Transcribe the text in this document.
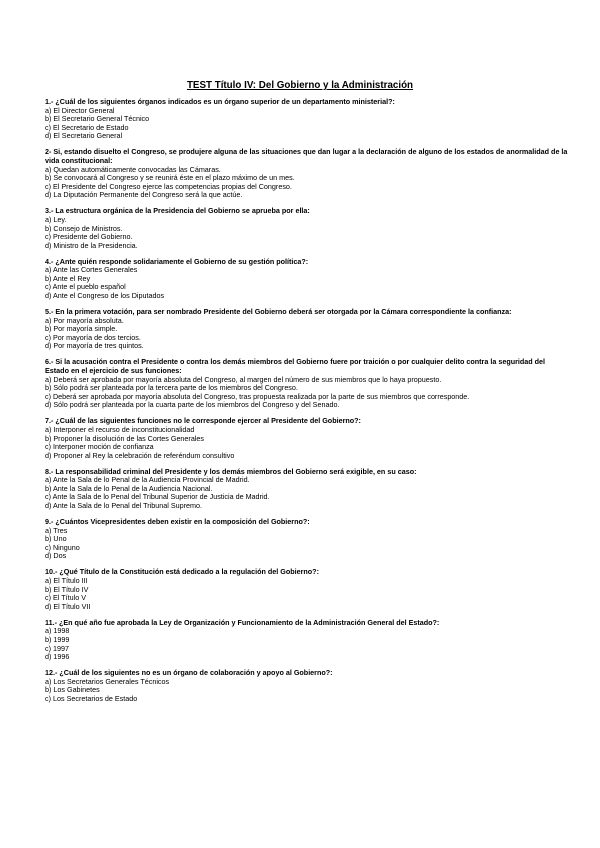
TEST Título IV: Del Gobierno y la Administración

1.- ¿Cuál de los siguientes órganos indicados es un órgano superior de un departamento ministerial?:

a) El Director General

b) El Secretario General Técnico

c) El Secretario de Estado

d) El Secretario General

2- Si, estando disuelto el Congreso, se produjere alguna de las situaciones que dan lugar a la declaración de alguno de los estados de anormalidad de la vida constitucional:

a) Quedan automáticamente convocadas las Cámaras.

b) Se convocará al Congreso y se reunirá éste en el plazo máximo de un mes.

c) El Presidente del Congreso ejerce las competencias propias del Congreso.

d) La Diputación Permanente del Congreso será la que actúe.

3.- La estructura orgánica de la Presidencia del Gobierno se aprueba por ella:

a) Ley.

b) Consejo de Ministros.

c) Presidente del Gobierno.

d) Ministro de la Presidencia.

4.- ¿Ante quién responde solidariamente el Gobierno de su gestión política?:

a) Ante las Cortes Generales

b) Ante el Rey

c) Ante el pueblo español

d) Ante el Congreso de los Diputados

5.- En la primera votación, para ser nombrado Presidente del Gobierno deberá ser otorgada por la Cámara correspondiente la confianza:

a) Por mayoría absoluta.

b) Por mayoría simple.

c) Por mayoría de dos tercios.

d) Por mayoría de tres quintos.

6.- Si la acusación contra el Presidente o contra los demás miembros del Gobierno fuere por traición o por cualquier delito contra la seguridad del Estado en el ejercicio de sus funciones:

a) Deberá ser aprobada por mayoría absoluta del Congreso, al margen del número de sus miembros que lo haya propuesto.

b) Sólo podrá ser planteada por la tercera parte de los miembros del Congreso.

c) Deberá ser aprobada por mayoría absoluta del Congreso, tras propuesta realizada por la parte de sus miembros que corresponde.

d) Sólo podrá ser planteada por la cuarta parte de los miembros del Congreso y del Senado.

7.- ¿Cuál de las siguientes funciones no le corresponde ejercer al Presidente del Gobierno?:

a) Interponer el recurso de inconstitucionalidad

b) Proponer la disolución de las Cortes Generales

c) Interponer moción de confianza

d) Proponer al Rey la celebración de referéndum consultivo

8.- La responsabilidad criminal del Presidente y los demás miembros del Gobierno será exigible, en su caso:

a) Ante la Sala de lo Penal de la Audiencia Provincial de Madrid.

b) Ante la Sala de lo Penal de la Audiencia Nacional.

c) Ante la Sala de lo Penal del Tribunal Superior de Justicia de Madrid.

d) Ante la Sala de lo Penal del Tribunal Supremo.

9.- ¿Cuántos Vicepresidentes deben existir en la composición del Gobierno?:

a) Tres

b) Uno

c) Ninguno

d) Dos

10.- ¿Qué Título de la Constitución está dedicado a la regulación del Gobierno?:

a) El Título III

b) El Título IV

c) El Título V

d) El Título VII

11.- ¿En qué año fue aprobada la Ley de Organización y Funcionamiento de la Administración General del Estado?:

a) 1998

b) 1999

c) 1997

d) 1996

12.- ¿Cuál de los siguientes no es un órgano de colaboración y apoyo al Gobierno?:

a) Los Secretarios Generales Técnicos

b) Los Gabinetes

c) Los Secretarios de Estado
